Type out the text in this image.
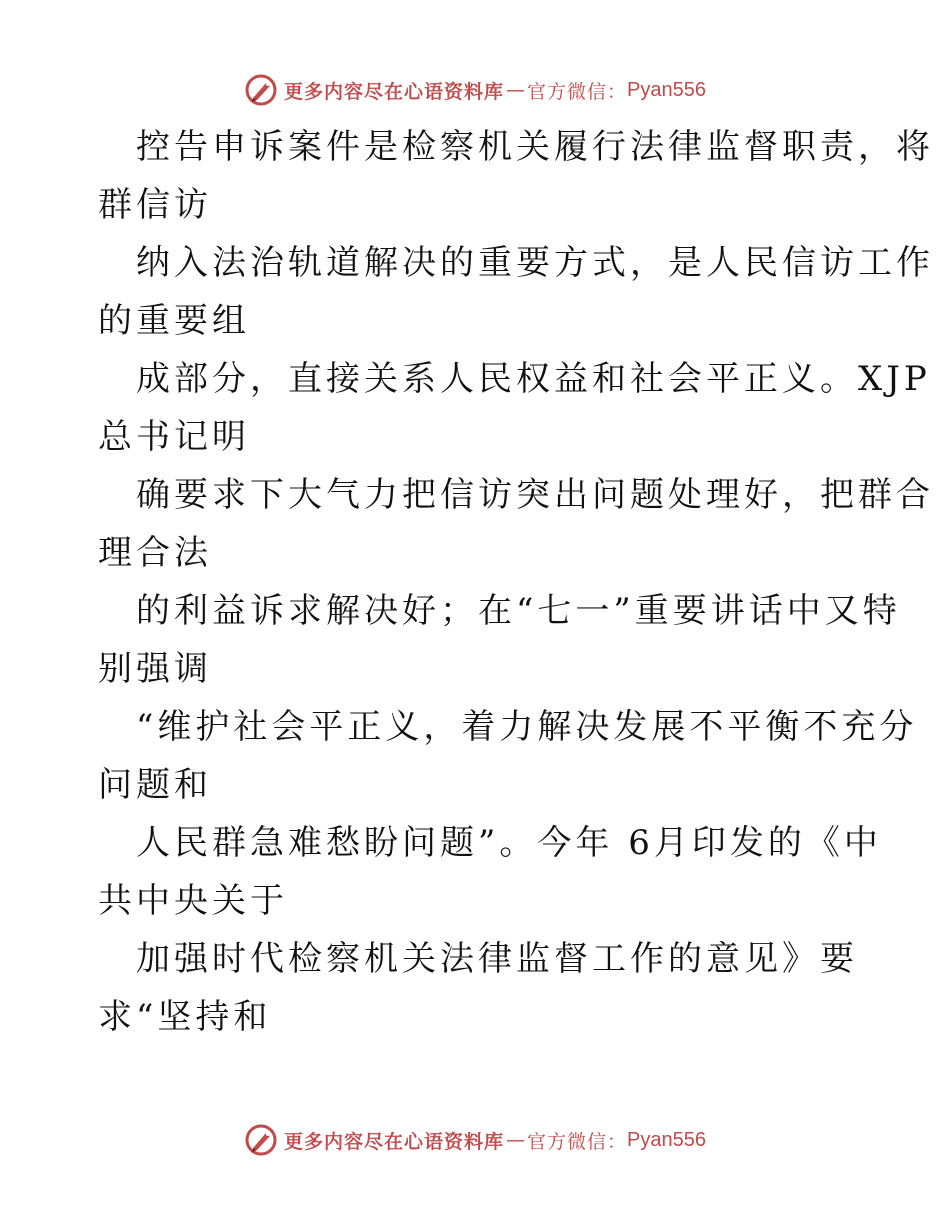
更多内容尽在心语资料库 — 官方微信： Pyan556

控告申诉案件是检察机关履行法律监督职责，将

群信访

纳入法治轨道解决的重要方式，是人民信访工作

的重要组

成部分，直接关系人民权益和社会平正义。XJP

总书记明

确要求下大气力把信访突出问题处理好，把群合

理合法

的利益诉求解决好；在“七一”重要讲话中又特

别强调

“维护社会平正义，着力解决发展不平衡不充分

问题和

人民群急难愁盼问题”。今年 6月印发的《中

共中央关于

加强时代检察机关法律监督工作的意见》要

求“坚持和

更多内容尽在心语资料库 — 官方微信： Pyan556
